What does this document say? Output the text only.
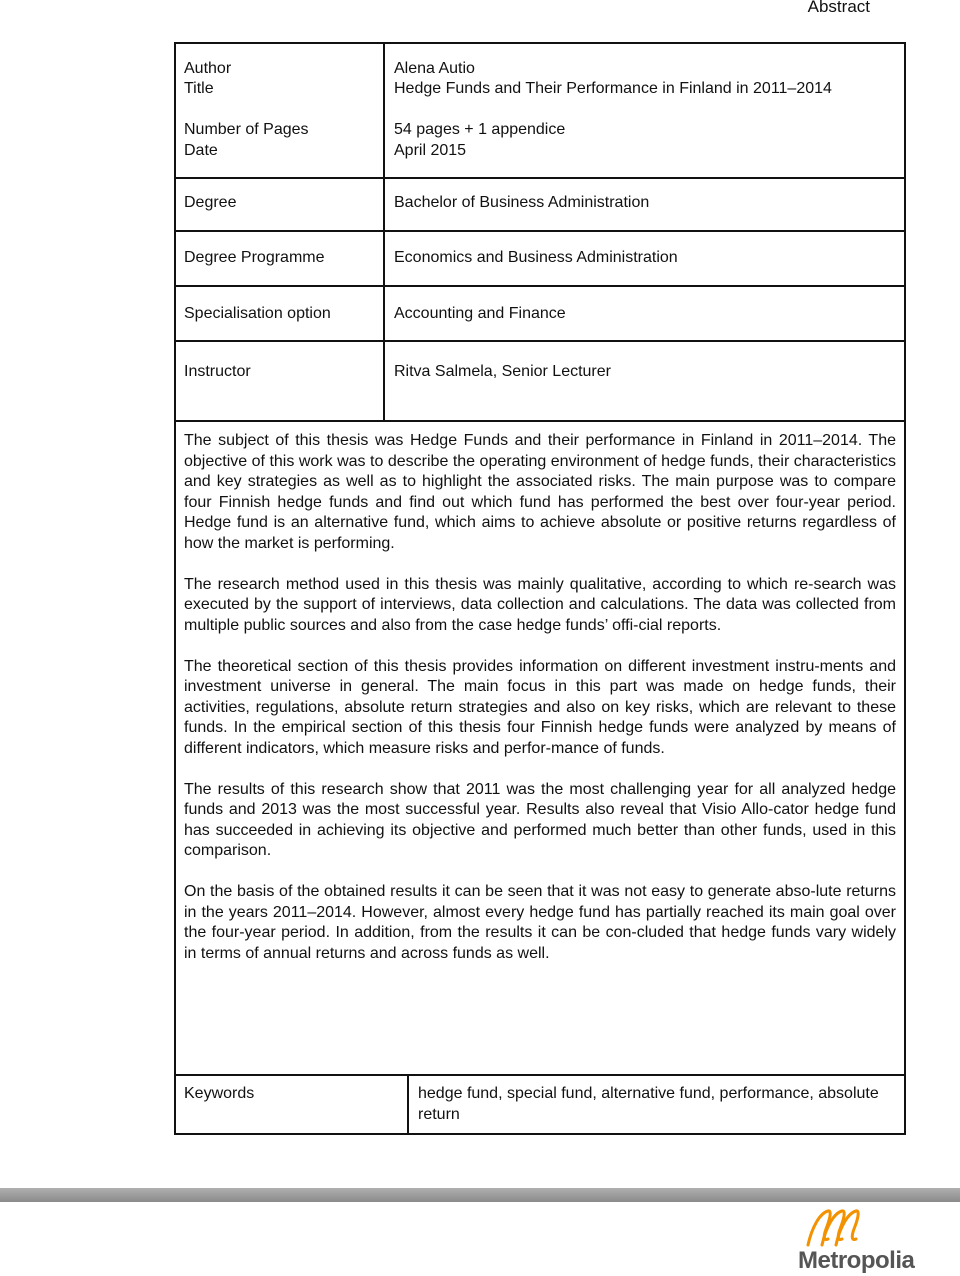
Abstract
Author	Alena Autio
Title	Hedge Funds and Their Performance in Finland in 2011–2014
Number of Pages	54 pages + 1 appendice
Date	April 2015
Degree	Bachelor of Business Administration
Degree Programme	Economics and Business Administration
Specialisation option	Accounting and Finance
Instructor	Ritva Salmela, Senior Lecturer

The subject of this thesis was Hedge Funds and their performance in Finland in 2011–2014. The objective of this work was to describe the operating environment of hedge funds, their characteristics and key strategies as well as to highlight the associated risks. The main purpose was to compare four Finnish hedge funds and find out which fund has performed the best over four-year period. Hedge fund is an alternative fund, which aims to achieve absolute or positive returns regardless of how the market is performing.

The research method used in this thesis was mainly qualitative, according to which re-search was executed by the support of interviews, data collection and calculations. The data was collected from multiple public sources and also from the case hedge funds’ offi-cial reports.

The theoretical section of this thesis provides information on different investment instru-ments and investment universe in general. The main focus in this part was made on hedge funds, their activities, regulations, absolute return strategies and also on key risks, which are relevant to these funds. In the empirical section of this thesis four Finnish hedge funds were analyzed by means of different indicators, which measure risks and perfor-mance of funds.

The results of this research show that 2011 was the most challenging year for all analyzed hedge funds and 2013 was the most successful year. Results also reveal that Visio Allo-cator hedge fund has succeeded in achieving its objective and performed much better than other funds, used in this comparison.

On the basis of the obtained results it can be seen that it was not easy to generate abso-lute returns in the years 2011–2014. However, almost every hedge fund has partially reached its main goal over the four-year period. In addition, from the results it can be con-cluded that hedge funds vary widely in terms of annual returns and across funds as well.

Keywords	hedge fund, special fund, alternative fund, performance, absolute return
Metropolia
